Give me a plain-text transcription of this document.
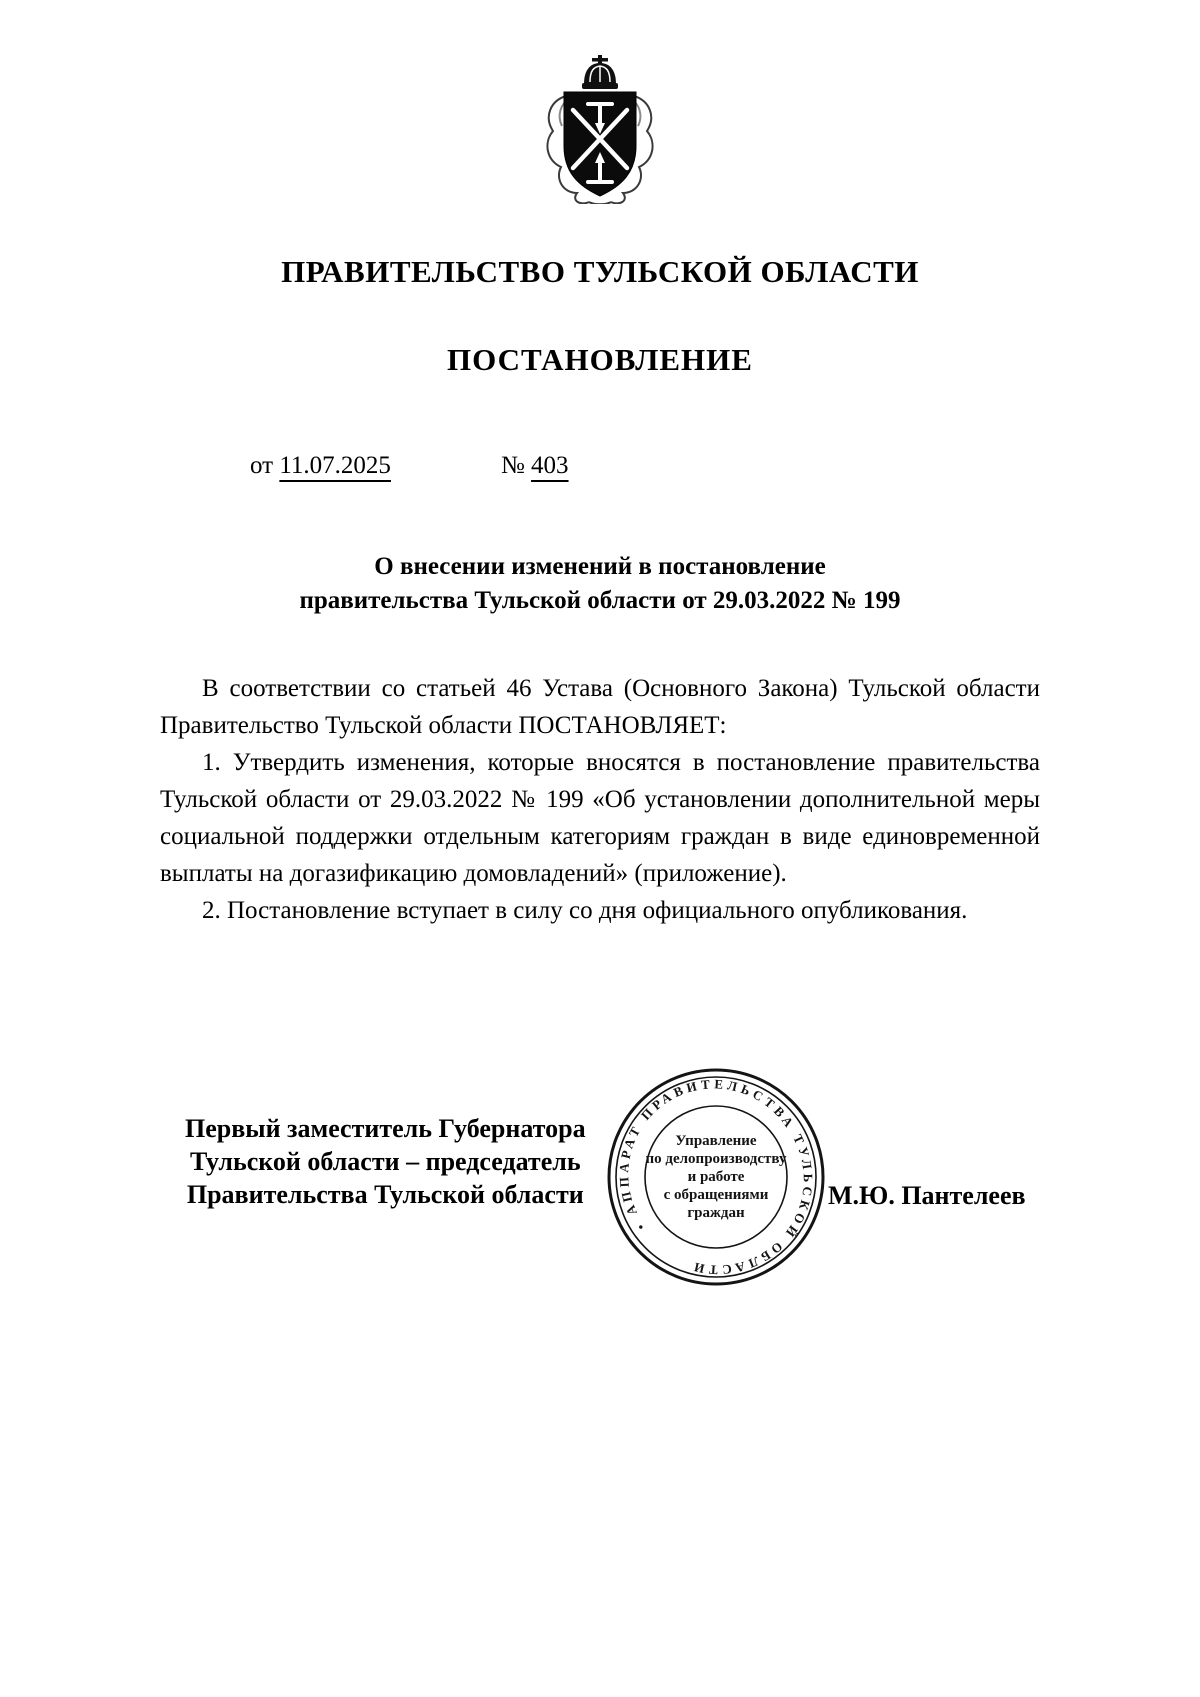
ПРАВИТЕЛЬСТВО ТУЛЬСКОЙ ОБЛАСТИ
ПОСТАНОВЛЕНИЕ
от 11.07.2025	№ 403
О внесении изменений в постановление
правительства Тульской области от 29.03.2022 № 199

В соответствии со статьей 46 Устава (Основного Закона) Тульской области Правительство Тульской области ПОСТАНОВЛЯЕТ:

1. Утвердить изменения, которые вносятся в постановление правительства Тульской области от 29.03.2022 № 199 «Об установлении дополнительной меры социальной поддержки отдельным категориям граждан в виде единовременной выплаты на догазификацию домовладений» (приложение).

2. Постановление вступает в силу со дня официального опубликования.

Первый заместитель Губернатора
Тульской области – председатель
Правительства Тульской области	М.Ю. Пантелеев
• АППАРАТ ПРАВИТЕЛЬСТВА ТУЛЬСКОЙ ОБЛАСТИ
Управление
по делопроизводству
и работе
с обращениями
граждан
